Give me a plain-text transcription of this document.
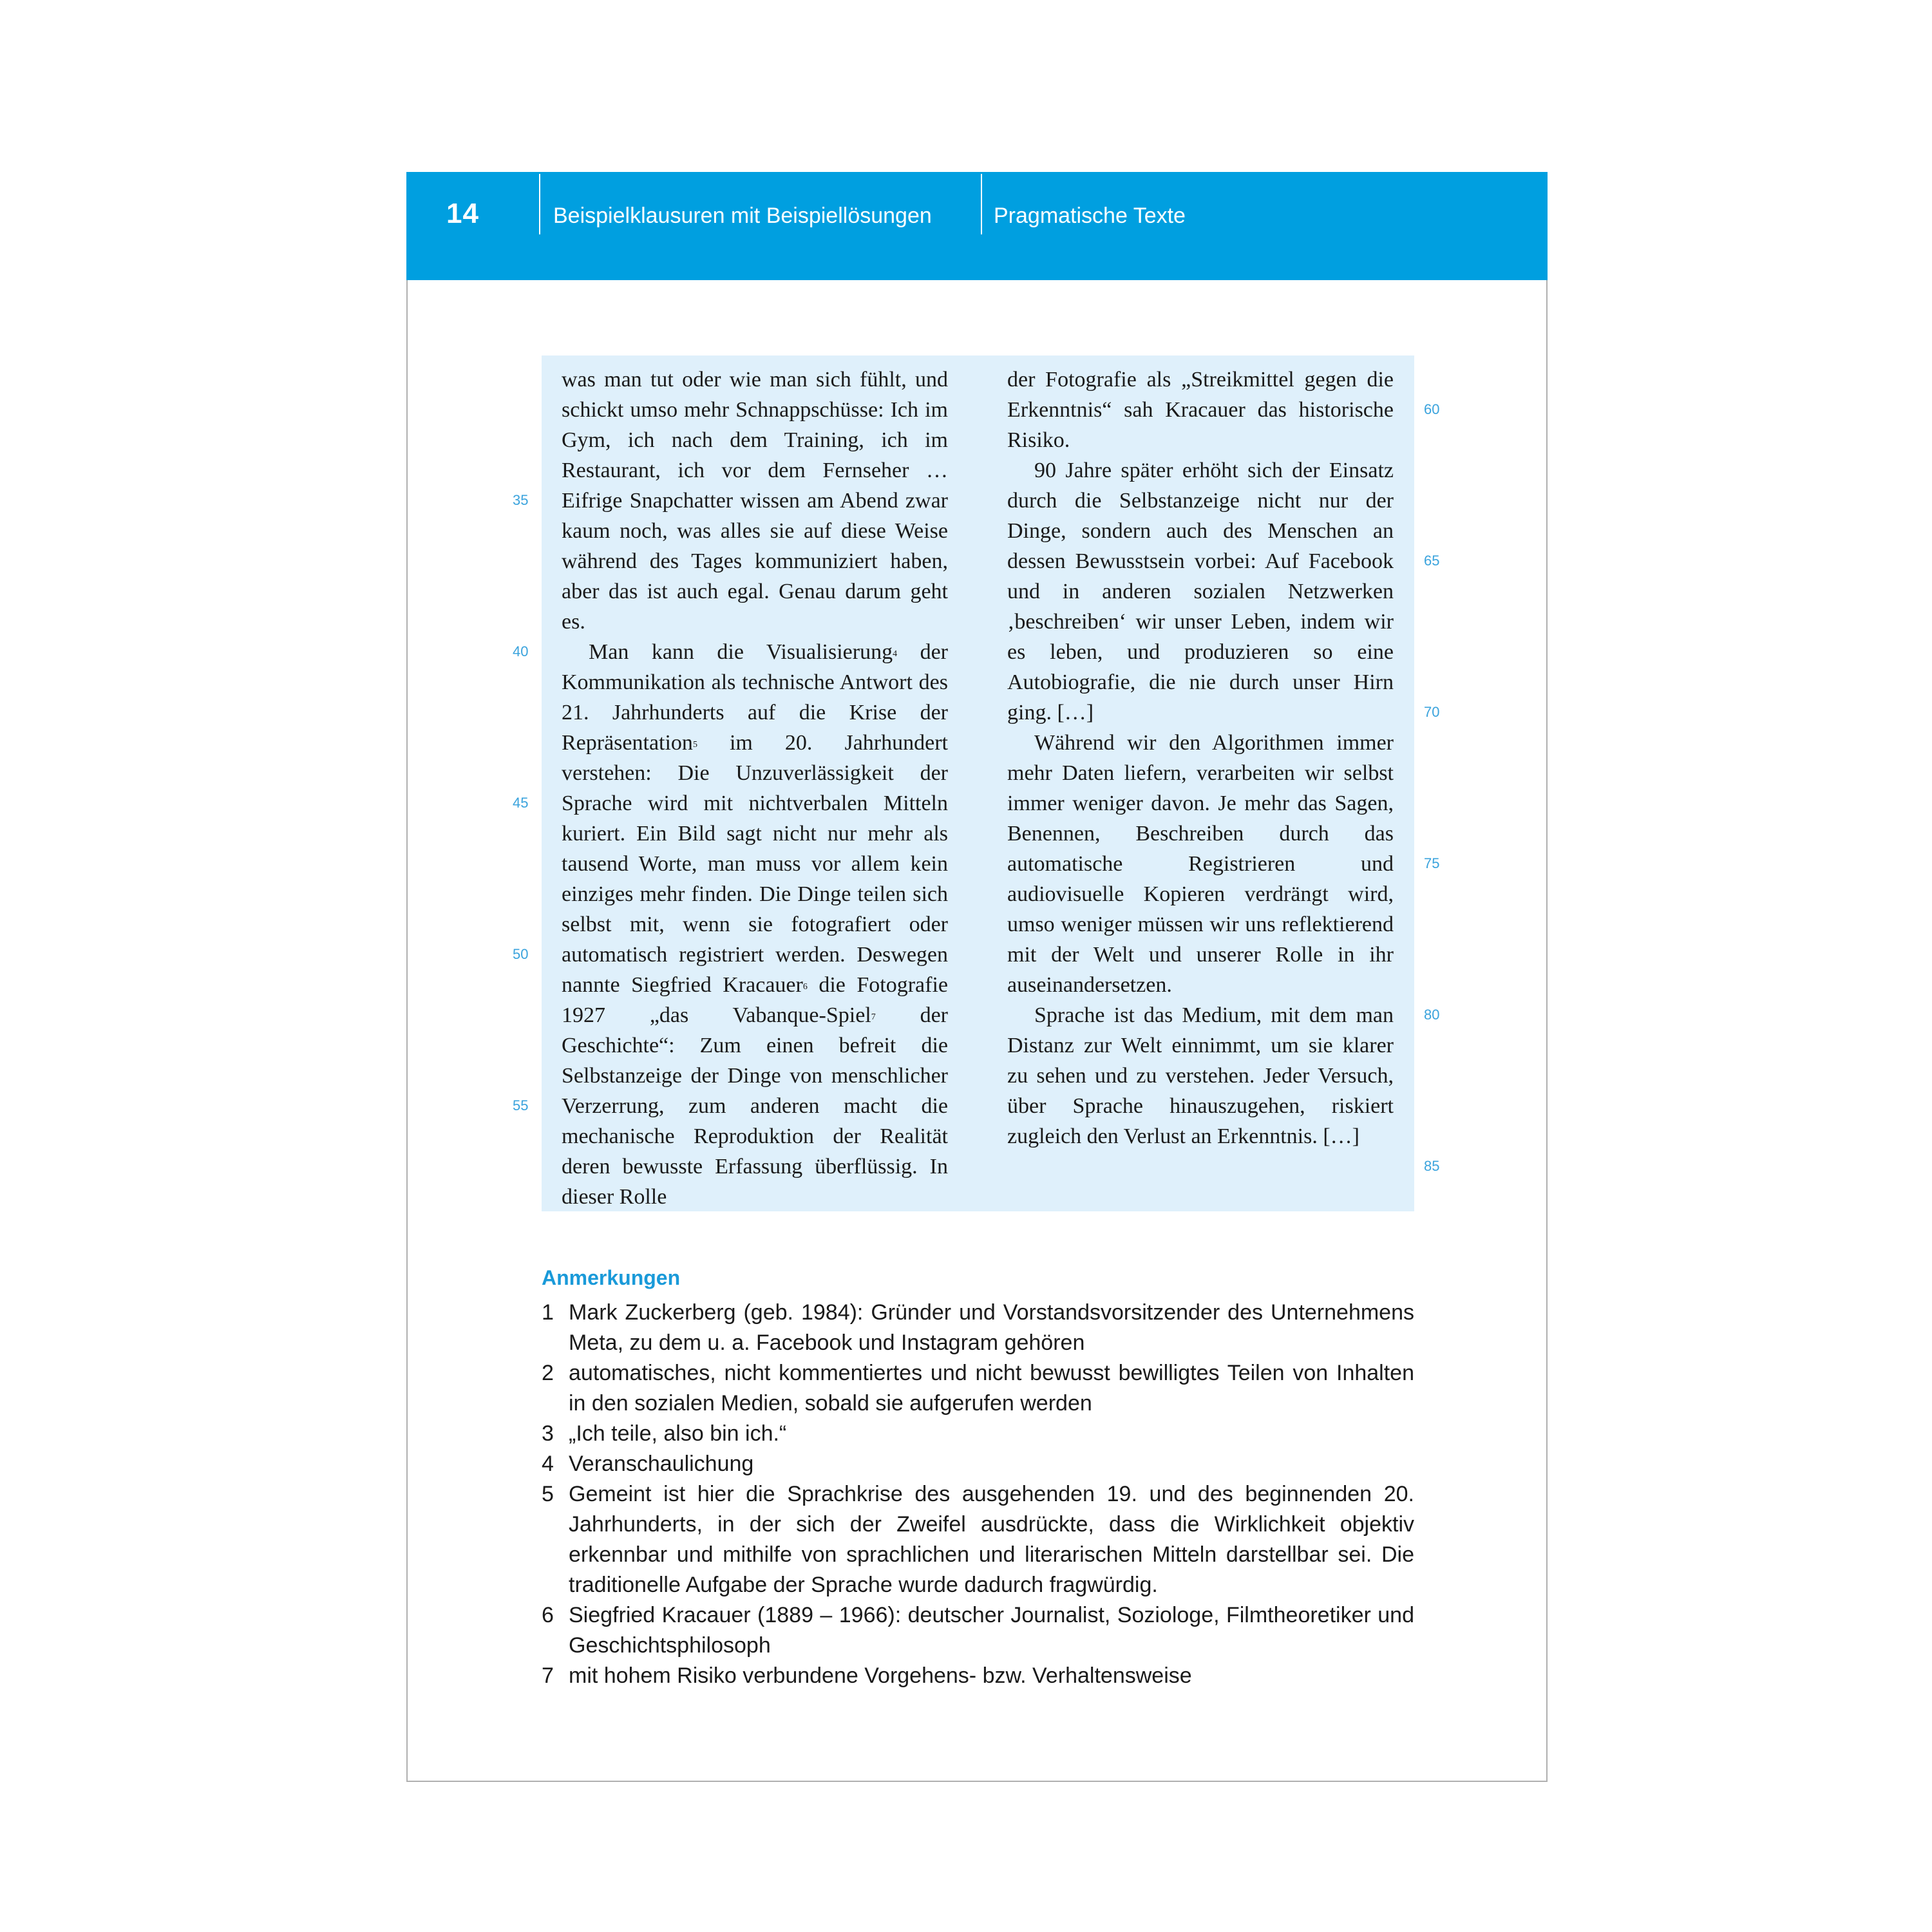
14	Beispielklausuren mit Beispiellösungen	Pragmatische Texte

was man tut oder wie man sich fühlt, und schickt umso mehr Schnappschüsse: Ich im Gym, ich nach dem Training, ich im Restaurant, ich vor dem Fernseher … Eifrige Snapchatter wissen am Abend zwar kaum noch, was alles sie auf diese Weise während des Tages kommuniziert haben, aber das ist auch egal. Genau darum geht es.

Man kann die Visualisierung$^4$ der Kommunikation als technische Antwort des 21. Jahrhunderts auf die Krise der Repräsentation$^5$ im 20. Jahrhundert verstehen: Die Unzuverlässigkeit der Sprache wird mit nichtverbalen Mitteln kuriert. Ein Bild sagt nicht nur mehr als tausend Worte, man muss vor allem kein einziges mehr finden. Die Dinge teilen sich selbst mit, wenn sie fotografiert oder automatisch registriert werden. Deswegen nannte Siegfried Kracauer$^6$ die Fotografie 1927 „das Vabanque-Spiel$^7$ der Geschichte“: Zum einen befreit die Selbstanzeige der Dinge von menschlicher Verzerrung, zum anderen macht die mechanische Reproduktion der Realität deren bewusste Erfassung überflüssig. In dieser Rolle

der Fotografie als „Streikmittel gegen die Erkenntnis“ sah Kracauer das historische Risiko.

90 Jahre später erhöht sich der Einsatz durch die Selbstanzeige nicht nur der Dinge, sondern auch des Menschen an dessen Bewusstsein vorbei: Auf Facebook und in anderen sozialen Netzwerken ‚beschreiben‘ wir unser Leben, indem wir es leben, und produzieren so eine Autobiografie, die nie durch unser Hirn ging. […]

Während wir den Algorithmen immer mehr Daten liefern, verarbeiten wir selbst immer weniger davon. Je mehr das Sagen, Benennen, Beschreiben durch das automatische Registrieren und audiovisuelle Kopieren verdrängt wird, umso weniger müssen wir uns reflektierend mit der Welt und unserer Rolle in ihr auseinandersetzen.

Sprache ist das Medium, mit dem man Distanz zur Welt einnimmt, um sie klarer zu sehen und zu verstehen. Jeder Versuch, über Sprache hinauszugehen, riskiert zugleich den Verlust an Erkenntnis. […]

35
40
45
50
55
60
65
70
75
80
85
Anmerkungen
1 Mark Zuckerberg (geb. 1984): Gründer und Vorstandsvorsitzender des Unternehmens Meta, zu dem u. a. Facebook und Instagram gehören
2 automatisches, nicht kommentiertes und nicht bewusst bewilligtes Teilen von Inhalten in den sozialen Medien, sobald sie aufgerufen werden
3 „Ich teile, also bin ich.“
4 Veranschaulichung
5 Gemeint ist hier die Sprachkrise des ausgehenden 19. und des beginnenden 20. Jahrhunderts, in der sich der Zweifel ausdrückte, dass die Wirklichkeit objektiv erkennbar und mithilfe von sprachlichen und literarischen Mitteln darstellbar sei. Die traditionelle Aufgabe der Sprache wurde dadurch fragwürdig.
6 Siegfried Kracauer (1889 – 1966): deutscher Journalist, Soziologe, Filmtheoretiker und Geschichtsphilosoph
7 mit hohem Risiko verbundene Vorgehens- bzw. Verhaltensweise
